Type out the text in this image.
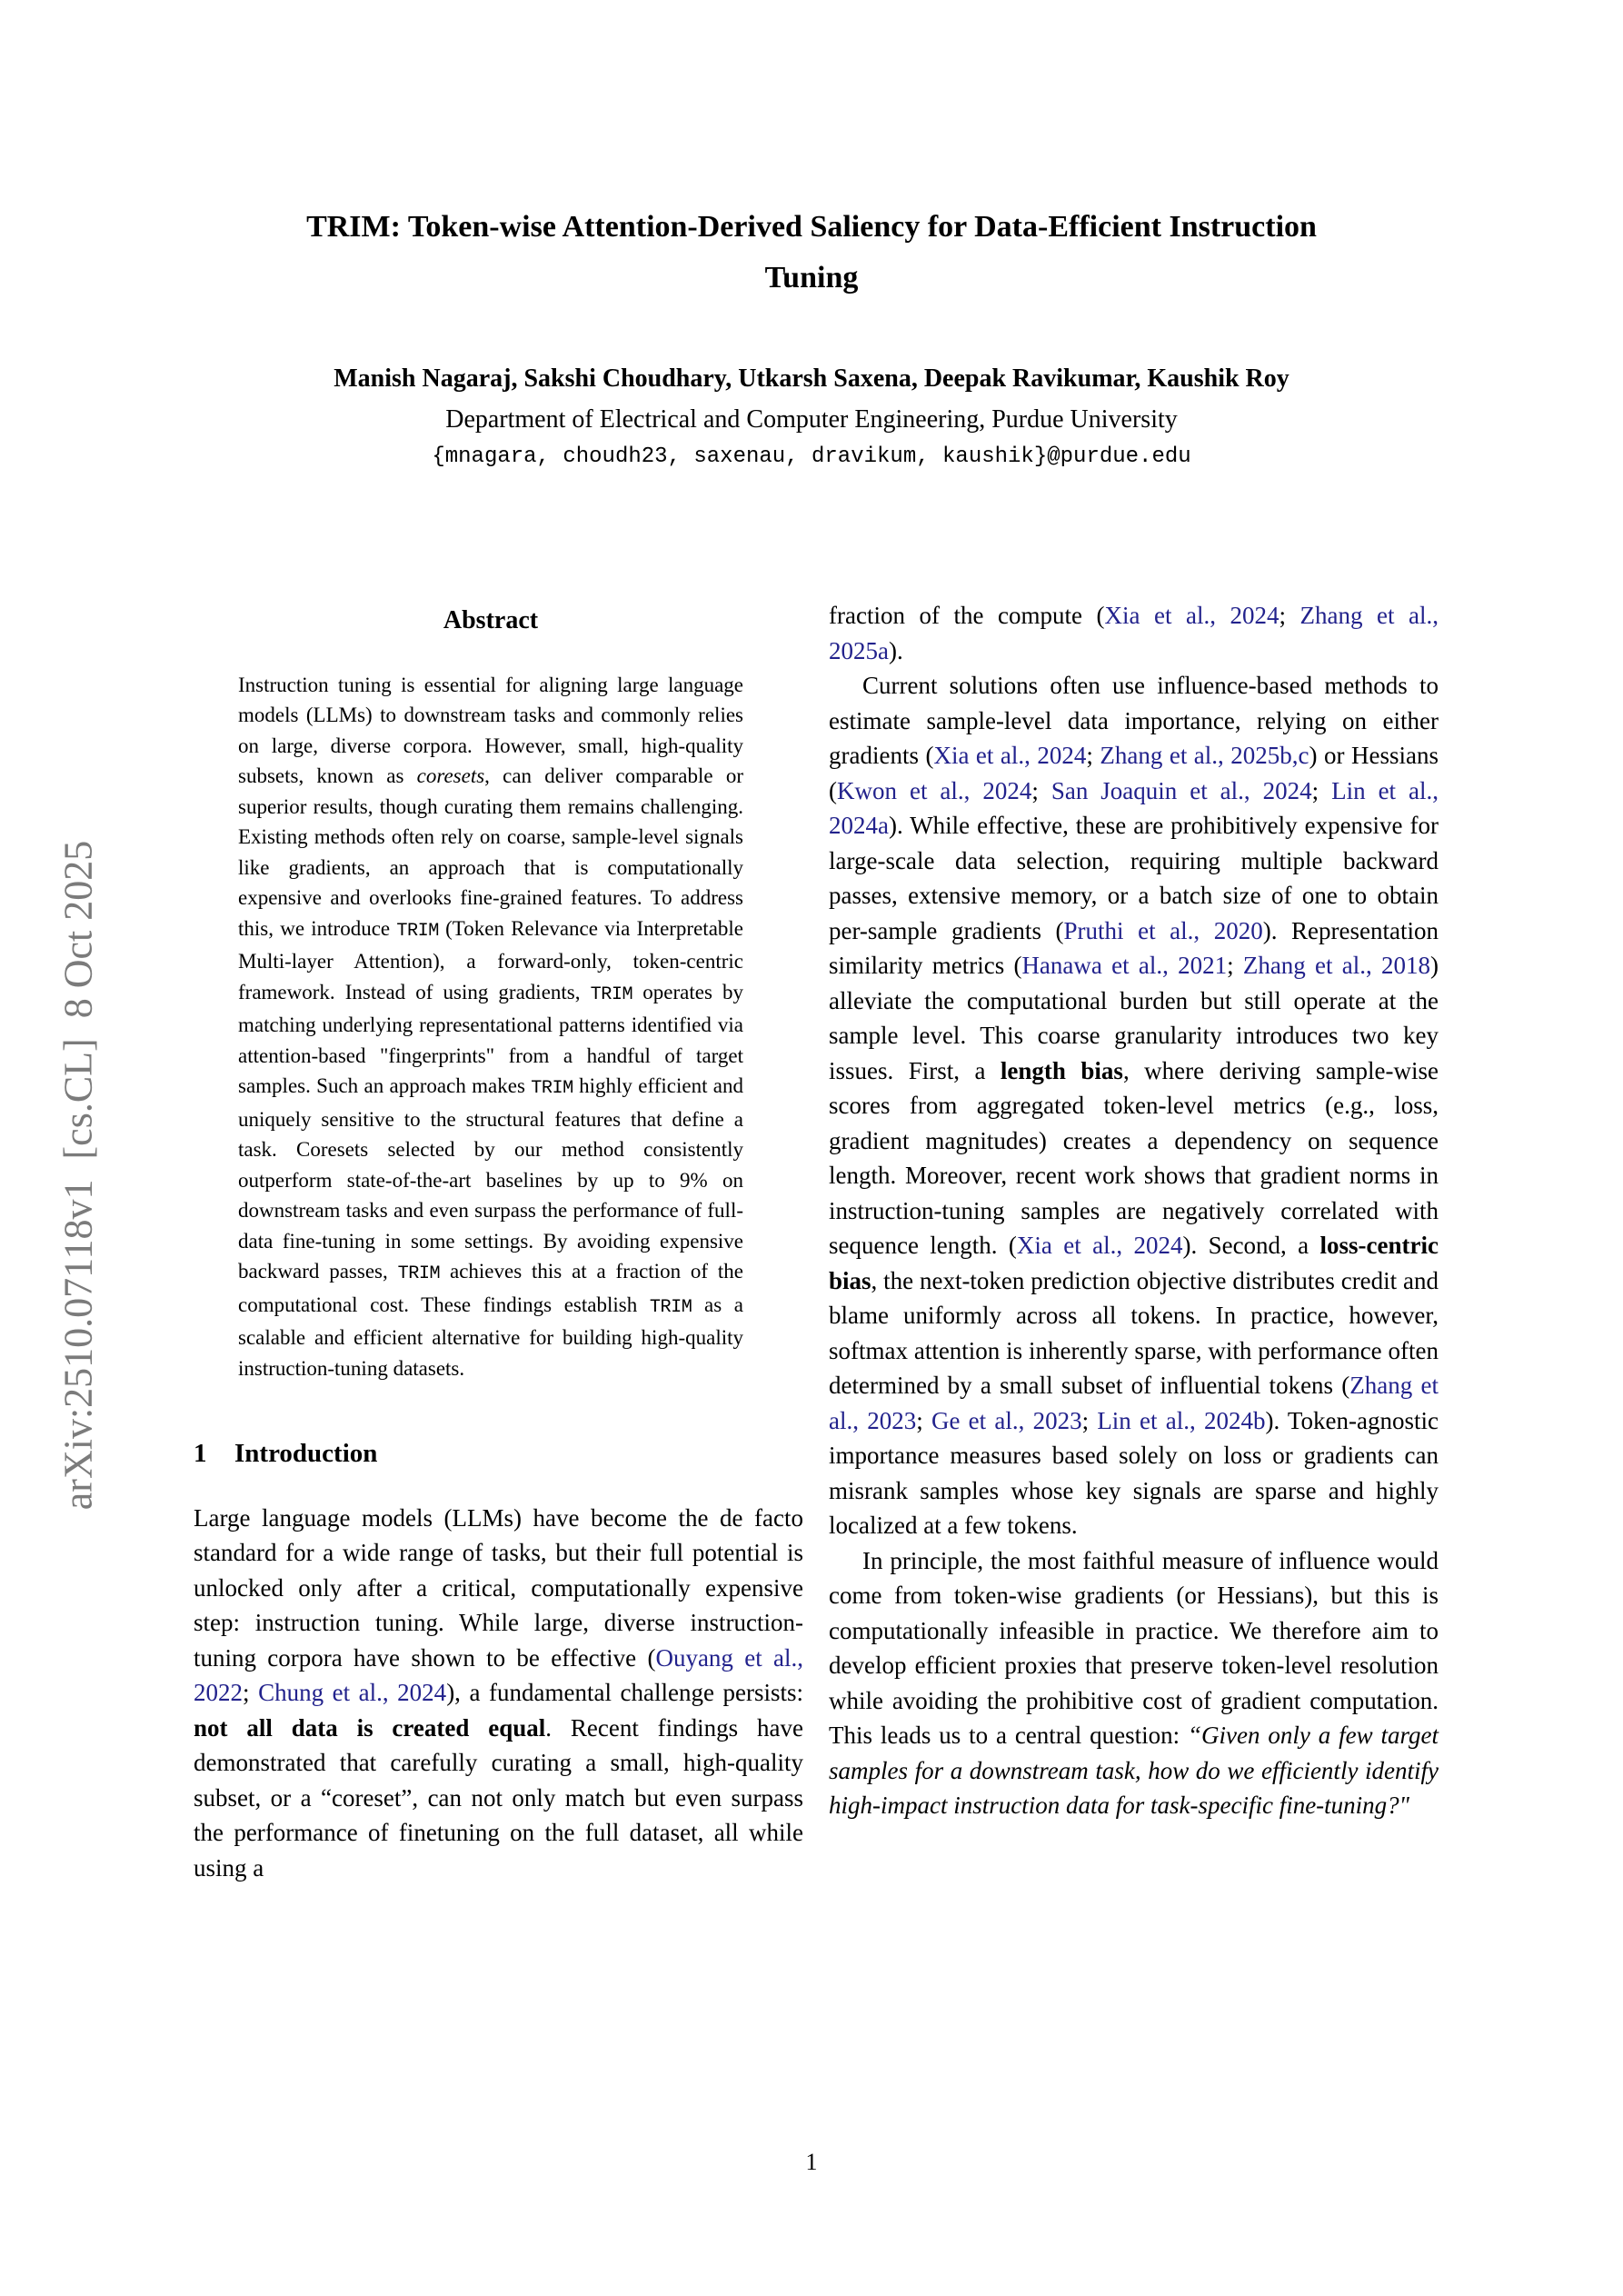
arXiv:2510.07118v1  [cs.CL]  8 Oct 2025
TRIM: Token-wise Attention-Derived Saliency for Data-Efficient Instruction Tuning
Manish Nagaraj, Sakshi Choudhary, Utkarsh Saxena, Deepak Ravikumar, Kaushik Roy
Department of Electrical and Computer Engineering, Purdue University
{mnagara, choudh23, saxenau, dravikum, kaushik}@purdue.edu
Abstract

Instruction tuning is essential for aligning large language models (LLMs) to downstream tasks and commonly relies on large, diverse corpora. However, small, high-quality subsets, known as coresets, can deliver comparable or superior results, though curating them remains challenging. Existing methods often rely on coarse, sample-level signals like gradients, an approach that is computationally expensive and overlooks fine-grained features. To address this, we introduce TRIM (Token Relevance via Interpretable Multi-layer Attention), a forward-only, token-centric framework. Instead of using gradients, TRIM operates by matching underlying representational patterns identified via attention-based "fingerprints" from a handful of target samples. Such an approach makes TRIM highly efficient and uniquely sensitive to the structural features that define a task. Coresets selected by our method consistently outperform state-of-the-art baselines by up to 9% on downstream tasks and even surpass the performance of full-data fine-tuning in some settings. By avoiding expensive backward passes, TRIM achieves this at a fraction of the computational cost. These findings establish TRIM as a scalable and efficient alternative for building high-quality instruction-tuning datasets.

1 Introduction

Large language models (LLMs) have become the de facto standard for a wide range of tasks, but their full potential is unlocked only after a critical, computationally expensive step: instruction tuning. While large, diverse instruction-tuning corpora have shown to be effective (Ouyang et al., 2022; Chung et al., 2024), a fundamental challenge persists: not all data is created equal. Recent findings have demonstrated that carefully curating a small, high-quality subset, or a “coreset”, can not only match but even surpass the performance of finetuning on the full dataset, all while using a

fraction of the compute (Xia et al., 2024; Zhang et al., 2025a).

Current solutions often use influence-based methods to estimate sample-level data importance, relying on either gradients (Xia et al., 2024; Zhang et al., 2025b,c) or Hessians (Kwon et al., 2024; San Joaquin et al., 2024; Lin et al., 2024a). While effective, these are prohibitively expensive for large-scale data selection, requiring multiple backward passes, extensive memory, or a batch size of one to obtain per-sample gradients (Pruthi et al., 2020). Representation similarity metrics (Hanawa et al., 2021; Zhang et al., 2018) alleviate the computational burden but still operate at the sample level. This coarse granularity introduces two key issues. First, a length bias, where deriving sample-wise scores from aggregated token-level metrics (e.g., loss, gradient magnitudes) creates a dependency on sequence length. Moreover, recent work shows that gradient norms in instruction-tuning samples are negatively correlated with sequence length. (Xia et al., 2024). Second, a loss-centric bias, the next-token prediction objective distributes credit and blame uniformly across all tokens. In practice, however, softmax attention is inherently sparse, with performance often determined by a small subset of influential tokens (Zhang et al., 2023; Ge et al., 2023; Lin et al., 2024b). Token-agnostic importance measures based solely on loss or gradients can misrank samples whose key signals are sparse and highly localized at a few tokens.

In principle, the most faithful measure of influence would come from token-wise gradients (or Hessians), but this is computationally infeasible in practice. We therefore aim to develop efficient proxies that preserve token-level resolution while avoiding the prohibitive cost of gradient computation. This leads us to a central question: “Given only a few target samples for a downstream task, how do we efficiently identify high-impact instruction data for task-specific fine-tuning?"

1
